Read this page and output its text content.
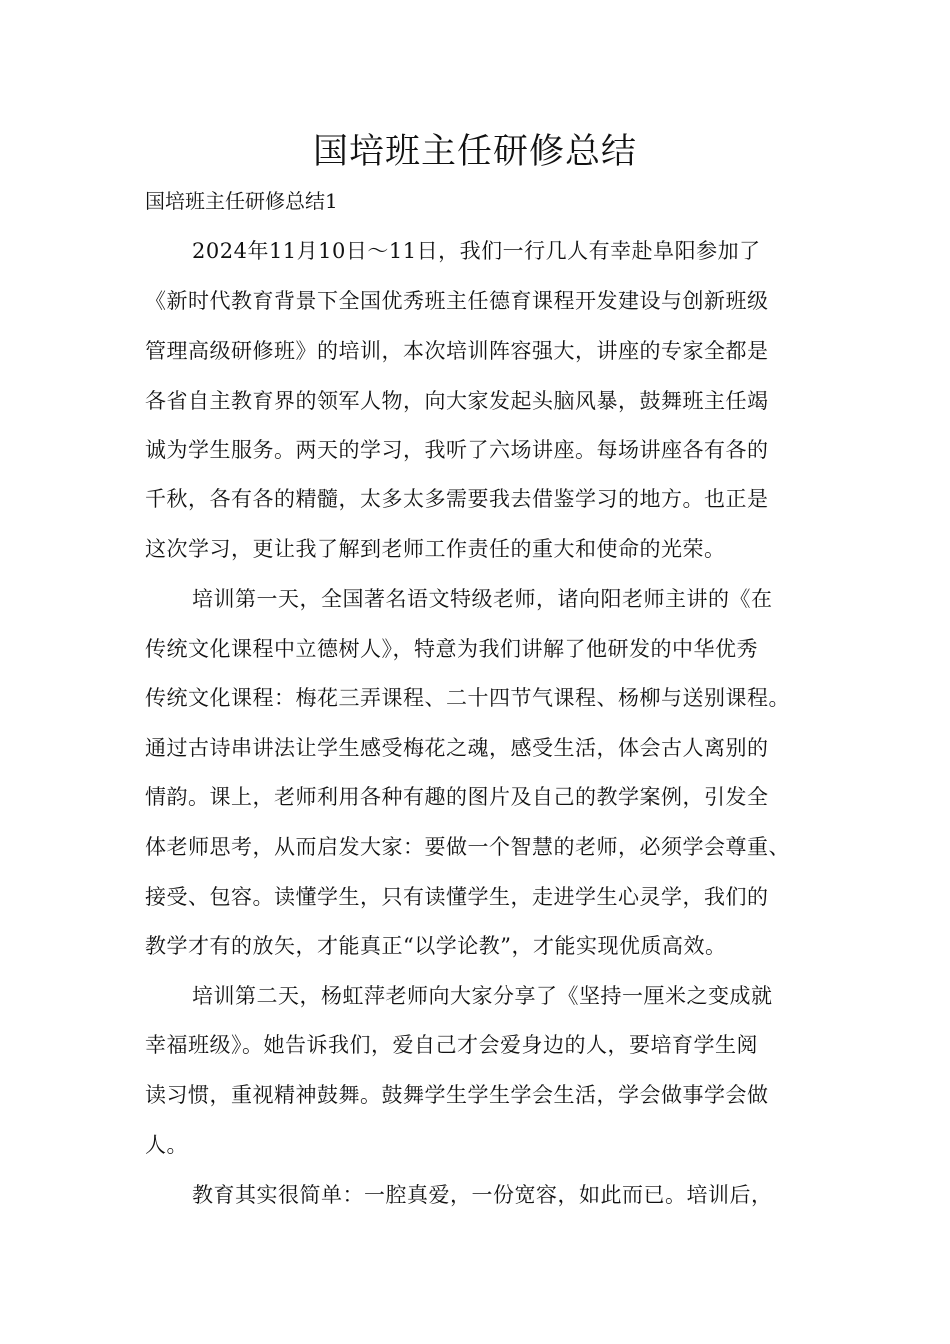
国培班主任研修总结

国培班主任研修总结1

2024年11月10日～11日，我们一行几人有幸赴阜阳参加了

《新时代教育背景下全国优秀班主任德育课程开发建设与创新班级

管理高级研修班》的培训，本次培训阵容强大，讲座的专家全都是

各省自主教育界的领军人物，向大家发起头脑风暴，鼓舞班主任竭

诚为学生服务。两天的学习，我听了六场讲座。每场讲座各有各的

千秋，各有各的精髓，太多太多需要我去借鉴学习的地方。也正是

这次学习，更让我了解到老师工作责任的重大和使命的光荣。

培训第一天，全国著名语文特级老师，诸向阳老师主讲的《在

传统文化课程中立德树人》，特意为我们讲解了他研发的中华优秀

传统文化课程：梅花三弄课程、二十四节气课程、杨柳与送别课程。

通过古诗串讲法让学生感受梅花之魂，感受生活，体会古人离别的

情韵。课上，老师利用各种有趣的图片及自己的教学案例，引发全

体老师思考，从而启发大家：要做一个智慧的老师，必须学会尊重、

接受、包容。读懂学生，只有读懂学生，走进学生心灵学，我们的

教学才有的放矢，才能真正“以学论教”，才能实现优质高效。

培训第二天，杨虹萍老师向大家分享了《坚持一厘米之变成就

幸福班级》。她告诉我们，爱自己才会爱身边的人，要培育学生阅

读习惯，重视精神鼓舞。鼓舞学生学生学会生活，学会做事学会做

人。

教育其实很简单：一腔真爱，一份宽容，如此而已。培训后，
